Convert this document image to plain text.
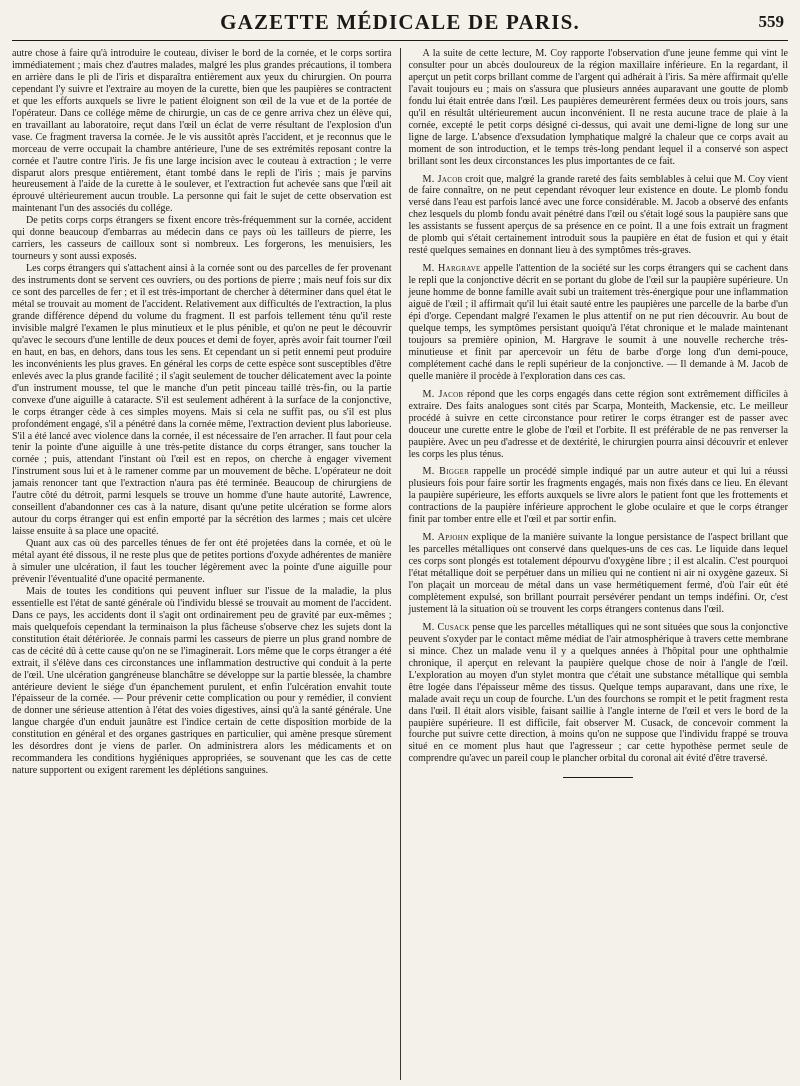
GAZETTE MÉDICALE DE PARIS.	559

autre chose à faire qu'à introduire le couteau, diviser le bord de la cornée, et le corps sortira immédiatement ; mais chez d'autres malades, malgré les plus grandes précautions, il tombera en arrière dans le pli de l'iris et disparaîtra entièrement aux yeux du chirurgien. On pourra cependant l'y suivre et l'extraire au moyen de la curette, bien que les paupières se contractent et que les efforts auxquels se livre le patient éloignent son œil de la vue et de la portée de l'opérateur. Dans ce collége même de chirurgie, un cas de ce genre arriva chez un élève qui, en travaillant au laboratoire, reçut dans l'œil un éclat de verre résultant de l'explosion d'un vase. Ce fragment traversa la cornée. Je le vis aussitôt après l'accident, et je reconnus que le morceau de verre occupait la chambre antérieure, l'une de ses extrémités reposant contre la cornée et l'autre contre l'iris. Je fis une large incision avec le couteau à extraction ; le verre disparut alors presque entièrement, étant tombé dans le repli de l'iris ; mais je parvins heureusement à l'aide de la curette à le soulever, et l'extraction fut achevée sans que l'œil ait éprouvé ultérieurement aucun trouble. La personne qui fait le sujet de cette observation est maintenant l'un des associés du collége.

De petits corps corps étrangers se fixent encore très-fréquemment sur la cornée, accident qui donne beaucoup d'embarras au médecin dans ce pays où les tailleurs de pierre, les carriers, les casseurs de cailloux sont si nombreux. Les forgerons, les menuisiers, les tourneurs y sont aussi exposés.

Les corps étrangers qui s'attachent ainsi à la cornée sont ou des parcelles de fer provenant des instruments dont se servent ces ouvriers, ou des portions de pierre ; mais neuf fois sur dix ce sont des parcelles de fer ; et il est très-important de chercher à déterminer dans quel état le métal se trouvait au moment de l'accident. Relativement aux difficultés de l'extraction, la plus grande différence dépend du volume du fragment. Il est parfois tellement ténu qu'il reste invisible malgré l'examen le plus minutieux et le plus pénible, et qu'on ne peut le découvrir qu'avec le secours d'une lentille de deux pouces et demi de foyer, après avoir fait tourner l'œil en haut, en bas, en dehors, dans tous les sens. Et cependant un si petit ennemi peut produire les inconvénients les plus graves. En général les corps de cette espèce sont susceptibles d'être enlevés avec la plus grande facilité ; il s'agit seulement de toucher délicatement avec la pointe d'un instrument mousse, tel que le manche d'un petit pinceau taillé très-fin, ou la partie convexe d'une aiguille à cataracte. S'il est seulement adhérent à la surface de la conjonctive, le corps étranger cède à ces simples moyens. Mais si cela ne suffit pas, ou s'il est plus profondément engagé, s'il a pénétré dans la cornée même, l'extraction devient plus laborieuse. S'il a été lancé avec violence dans la cornée, il est nécessaire de l'en arracher. Il faut pour cela tenir la pointe d'une aiguille à une très-petite distance du corps étranger, sans toucher la cornée ; puis, attendant l'instant où l'œil est en repos, on cherche à engager vivement l'instrument sous lui et à le ramener comme par un mouvement de bêche. L'opérateur ne doit jamais renoncer tant que l'extraction n'aura pas été terminée. Beaucoup de chirurgiens de l'autre côté du détroit, parmi lesquels se trouve un homme d'une haute autorité, Lawrence, conseillent d'abandonner ces cas à la nature, disant qu'une petite ulcération se forme alors autour du corps étranger qui est enfin emporté par la sécrétion des larmes ; mais cet ulcère laisse ensuite à sa place une opacité.

Quant aux cas où des parcelles ténues de fer ont été projetées dans la cornée, et où le métal ayant été dissous, il ne reste plus que de petites portions d'oxyde adhérentes de manière à simuler une ulcération, il faut les toucher légèrement avec la pointe d'une aiguille pour prévenir l'éventualité d'une opacité permanente.

Mais de toutes les conditions qui peuvent influer sur l'issue de la maladie, la plus essentielle est l'état de santé générale où l'individu blessé se trouvait au moment de l'accident. Dans ce pays, les accidents dont il s'agit ont ordinairement peu de gravité par eux-mêmes ; mais quelquefois cependant la terminaison la plus fâcheuse s'observe chez les sujets dont la constitution était détériorée. Je connais parmi les casseurs de pierre un plus grand nombre de cas de cécité dû à cette cause qu'on ne se l'imaginerait. Lors même que le corps étranger a été extrait, il s'élève dans ces circonstances une inflammation destructive qui conduit à la perte de l'œil. Une ulcération gangréneuse blanchâtre se développe sur la partie blessée, la chambre antérieure devient le siége d'un épanchement purulent, et enfin l'ulcération envahit toute l'épaisseur de la cornée. — Pour prévenir cette complication ou pour y remédier, il convient de donner une sérieuse attention à l'état des voies digestives, ainsi qu'à la santé générale. Une langue chargée d'un enduit jaunâtre est l'indice certain de cette disposition morbide de la constitution en général et des organes gastriques en particulier, qui amène presque sûrement les désordres dont je viens de parler. On administrera alors les médicaments et on recommandera les conditions hygiéniques appropriées, se souvenant que les cas de cette nature supportent ou exigent rarement les déplétions sanguines.

A la suite de cette lecture, M. Coy rapporte l'observation d'une jeune femme qui vint le consulter pour un abcès douloureux de la région maxillaire inférieure. En la regardant, il aperçut un petit corps brillant comme de l'argent qui adhérait à l'iris. Sa mère affirmait qu'elle l'avait toujours eu ; mais on s'assura que plusieurs années auparavant une goutte de plomb fondu lui était entrée dans l'œil. Les paupières demeurèrent fermées deux ou trois jours, sans qu'il en résultât ultérieurement aucun inconvénient. Il ne resta aucune trace de plaie à la cornée, excepté le petit corps désigné ci-dessus, qui avait une demi-ligne de long sur une ligne de large. L'absence d'exsudation lymphatique malgré la chaleur que ce corps avait au moment de son introduction, et le temps très-long pendant lequel il a conservé son aspect brillant sont les deux circonstances les plus importantes de ce fait.

M. Jacob croit que, malgré la grande rareté des faits semblables à celui que M. Coy vient de faire connaître, on ne peut cependant révoquer leur existence en doute. Le plomb fondu versé dans l'eau est parfois lancé avec une force considérable. M. Jacob a observé des enfants chez lesquels du plomb fondu avait pénétré dans l'œil ou s'était logé sous la paupière sans que les assistants se fussent aperçus de sa présence en ce point. Il a une fois extrait un fragment de plomb qui s'était certainement introduit sous la paupière en état de fusion et qui y était resté quelques semaines en donnant lieu à des symptômes très-graves.

M. Hargrave appelle l'attention de la société sur les corps étrangers qui se cachent dans le repli que la conjonctive décrit en se portant du globe de l'œil sur la paupière supérieure. Un jeune homme de bonne famille avait subi un traitement très-énergique pour une inflammation aiguë de l'œil ; il affirmait qu'il lui était sauté entre les paupières une parcelle de la barbe d'un épi d'orge. Cependant malgré l'examen le plus attentif on ne put rien découvrir. Au bout de quelque temps, les symptômes persistant quoiqu'à l'état chronique et le malade maintenant toujours sa première opinion, M. Hargrave le soumit à une nouvelle recherche très-minutieuse et finit par apercevoir un fétu de barbe d'orge long d'un demi-pouce, complétement caché dans le repli supérieur de la conjonctive. — Il demande à M. Jacob de quelle manière il procède à l'exploration dans ces cas.

M. Jacob répond que les corps engagés dans cette région sont extrêmement difficiles à extraire. Des faits analogues sont cités par Scarpa, Monteith, Mackensie, etc. Le meilleur procédé à suivre en cette circonstance pour retirer le corps étranger est de passer avec douceur une curette entre le globe de l'œil et l'orbite. Il est préférable de ne pas renverser la paupière. Avec un peu d'adresse et de dextérité, le chirurgien pourra ainsi découvrir et enlever les corps les plus ténus.

M. Bigger rappelle un procédé simple indiqué par un autre auteur et qui lui a réussi plusieurs fois pour faire sortir les fragments engagés, mais non fixés dans ce lieu. En élevant la paupière supérieure, les efforts auxquels se livre alors le patient font que les frottements et contractions de la paupière inférieure approchent le globe oculaire et que le corps étranger finit par tomber entre elle et l'œil et par sortir enfin.

M. Apjohn explique de la manière suivante la longue persistance de l'aspect brillant que les parcelles métalliques ont conservé dans quelques-uns de ces cas. Le liquide dans lequel ces corps sont plongés est totalement dépourvu d'oxygène libre ; il est alcalin. C'est pourquoi l'état métallique doit se perpétuer dans un milieu qui ne contient ni air ni oxygène gazeux. Si l'on plaçait un morceau de métal dans un vase hermétiquement fermé, d'où l'air eût été complètement expulsé, son brillant pourrait persévérer pendant un temps indéfini. Or, c'est justement là la situation où se trouvent les corps étrangers contenus dans l'œil.

M. Cusack pense que les parcelles métalliques qui ne sont situées que sous la conjonctive peuvent s'oxyder par le contact même médiat de l'air atmosphérique à travers cette membrane si mince. Chez un malade venu il y a quelques années à l'hôpital pour une ophthalmie chronique, il aperçut en relevant la paupière quelque chose de noir à l'angle de l'œil. L'exploration au moyen d'un stylet montra que c'était une substance métallique qui sembla être logée dans l'épaisseur même des tissus. Quelque temps auparavant, dans une rixe, le malade avait reçu un coup de fourche. L'un des fourchons se rompit et le petit fragment resta dans l'œil. Il était alors visible, faisant saillie à l'angle interne de l'œil et vers le bord de la paupière supérieure. Il est difficile, fait observer M. Cusack, de concevoir comment la fourche put suivre cette direction, à moins qu'on ne suppose que l'individu frappé se trouva situé en ce moment plus haut que l'agresseur ; car cette hypothèse permet seule de comprendre qu'avec un pareil coup le plancher orbital du coronal ait évité d'être traversé.
